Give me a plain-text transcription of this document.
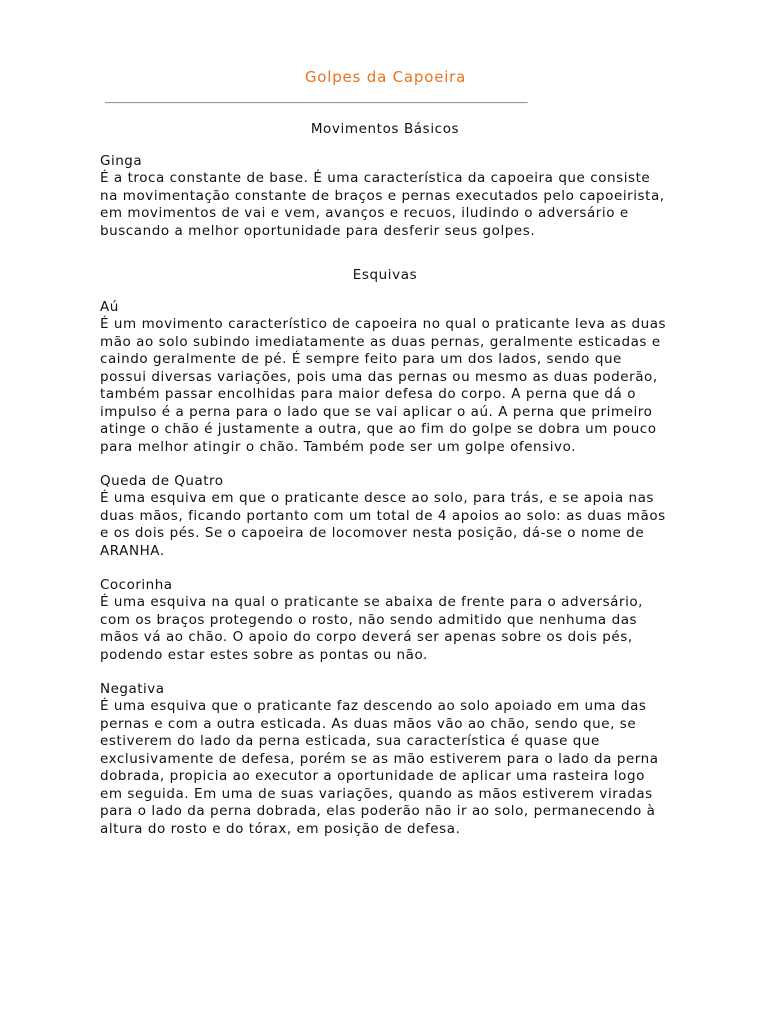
Golpes da Capoeira
______________________________________________________
Movimentos Básicos

Ginga

É a troca constante de base. É uma característica da capoeira que consiste na movimentação constante de braços e pernas executados pelo capoeirista, em movimentos de vai e vem, avanços e recuos, iludindo o adversário e buscando a melhor oportunidade para desferir seus golpes.

Esquivas

Aú

É um movimento característico de capoeira no qual o praticante leva as duas mão ao solo subindo imediatamente as duas pernas, geralmente esticadas e caindo geralmente de pé. É sempre feito para um dos lados, sendo que possui diversas variações, pois uma das pernas ou mesmo as duas poderão, também passar encolhidas para maior defesa do corpo. A perna que dá o impulso é a perna para o lado que se vai aplicar o aú. A perna que primeiro atinge o chão é justamente a outra, que ao fim do golpe se dobra um pouco para melhor atingir o chão. Também pode ser um golpe ofensivo.

Queda de Quatro

É uma esquiva em que o praticante desce ao solo, para trás, e se apoia nas duas mãos, ficando portanto com um total de 4 apoios ao solo: as duas mãos e os dois pés. Se o capoeira de locomover nesta posição, dá-se o nome de ARANHA.

Cocorinha

É uma esquiva na qual o praticante se abaixa de frente para o adversário, com os braços protegendo o rosto, não sendo admitido que nenhuma das mãos vá ao chão. O apoio do corpo deverá ser apenas sobre os dois pés, podendo estar estes sobre as pontas ou não.

Negativa

É uma esquiva que o praticante faz descendo ao solo apoiado em uma das pernas e com a outra esticada. As duas mãos vão ao chão, sendo que, se estiverem do lado da perna esticada, sua característica é quase que exclusivamente de defesa, porém se as mão estiverem para o lado da perna dobrada, propicia ao executor a oportunidade de aplicar uma rasteira logo em seguida. Em uma de suas variações, quando as mãos estiverem viradas para o lado da perna dobrada, elas poderão não ir ao solo, permanecendo à altura do rosto e do tórax, em posição de defesa.
